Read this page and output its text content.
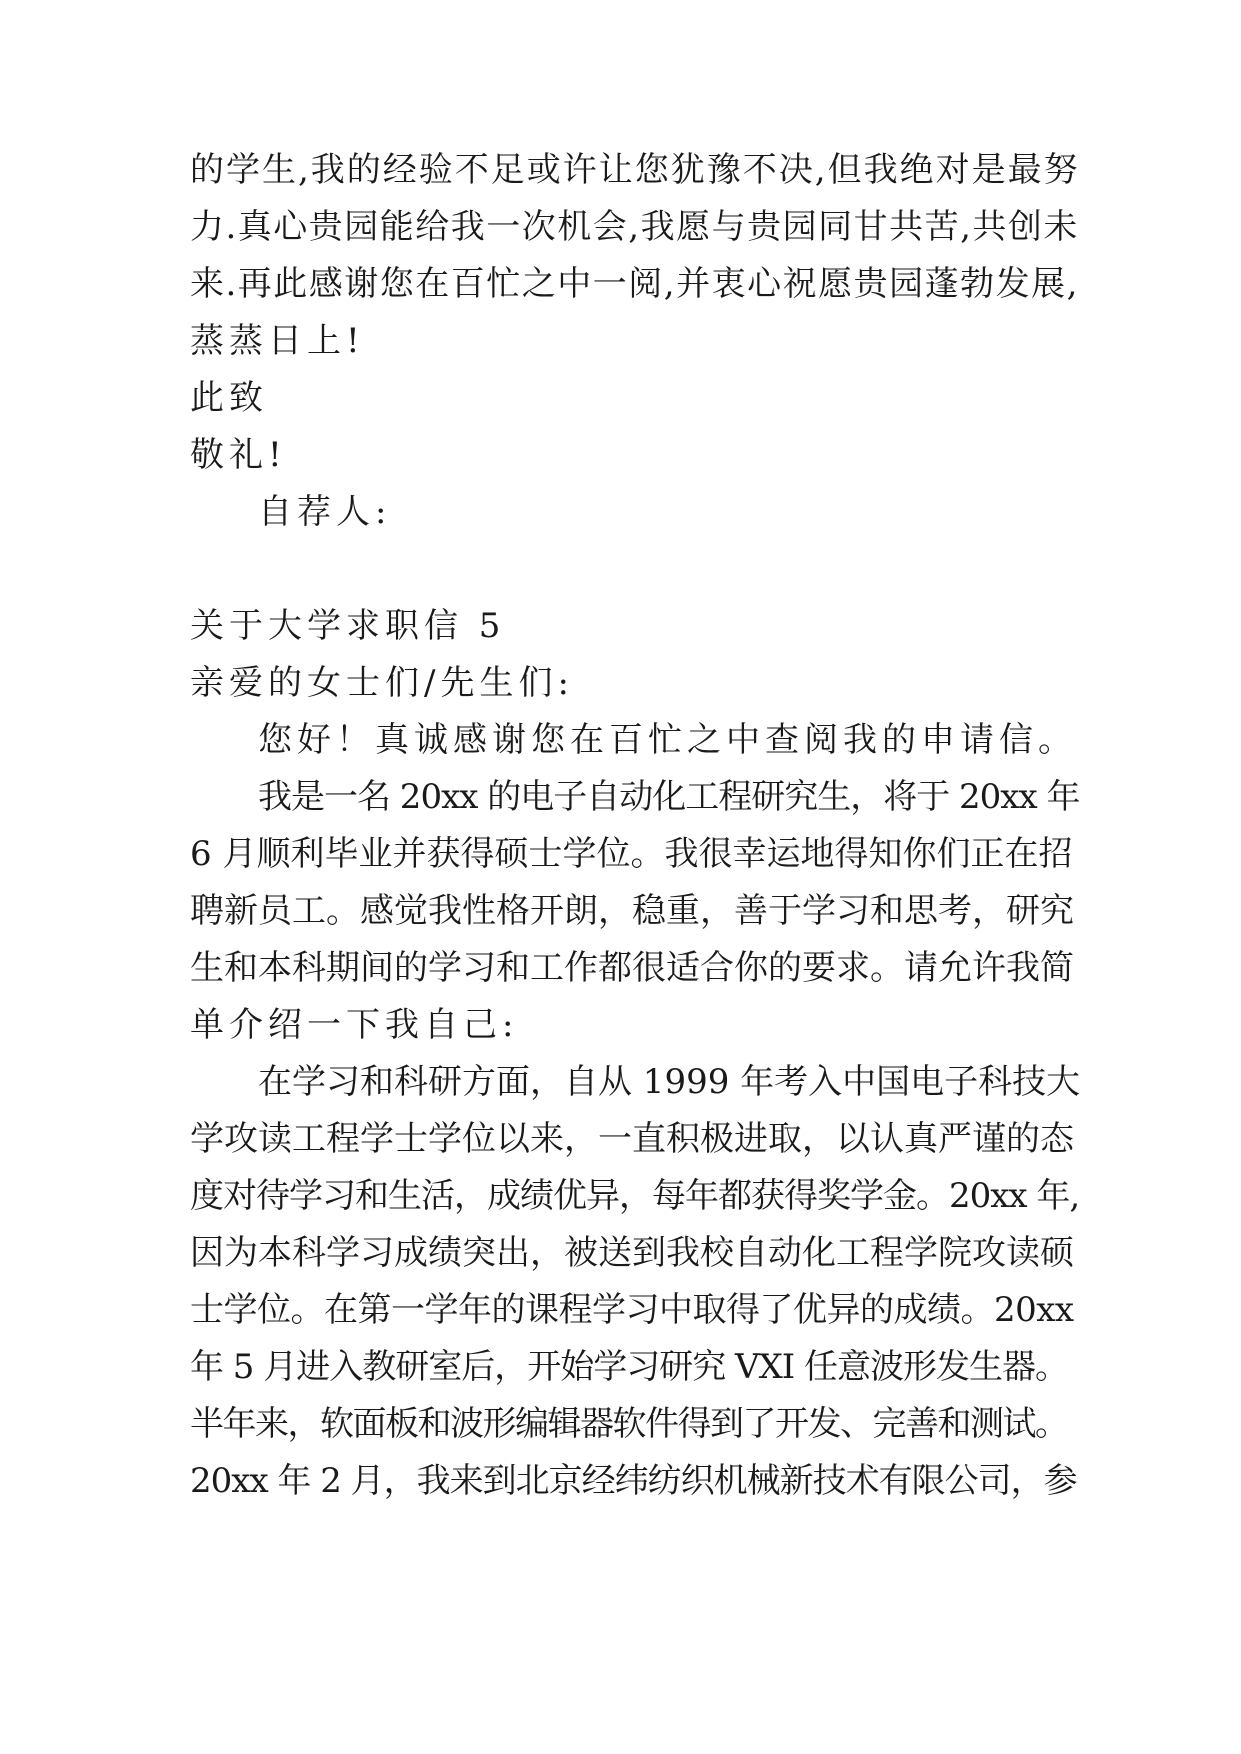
的学生,我的经验不足或许让您犹豫不决,但我绝对是最努
力.真心贵园能给我一次机会,我愿与贵园同甘共苦,共创未
来.再此感谢您在百忙之中一阅,并衷心祝愿贵园蓬勃发展,
蒸蒸日上!
此致
敬礼!
自荐人:
关于大学求职信 5
亲爱的女士们/先生们:
您好！真诚感谢您在百忙之中查阅我的申请信。
我是一名 20xx 的电子自动化工程研究生，将于 20xx 年
6 月顺利毕业并获得硕士学位。我很幸运地得知你们正在招
聘新员工。感觉我性格开朗，稳重，善于学习和思考，研究
生和本科期间的学习和工作都很适合你的要求。请允许我简
单介绍一下我自己:
在学习和科研方面，自从 1999 年考入中国电子科技大
学攻读工程学士学位以来，一直积极进取，以认真严谨的态
度对待学习和生活，成绩优异，每年都获得奖学金。20xx 年,
因为本科学习成绩突出，被送到我校自动化工程学院攻读硕
士学位。在第一学年的课程学习中取得了优异的成绩。20xx
年 5 月进入教研室后，开始学习研究 VXI 任意波形发生器。
半年来，软面板和波形编辑器软件得到了开发、完善和测试。
20xx 年 2 月，我来到北京经纬纺织机械新技术有限公司，参
